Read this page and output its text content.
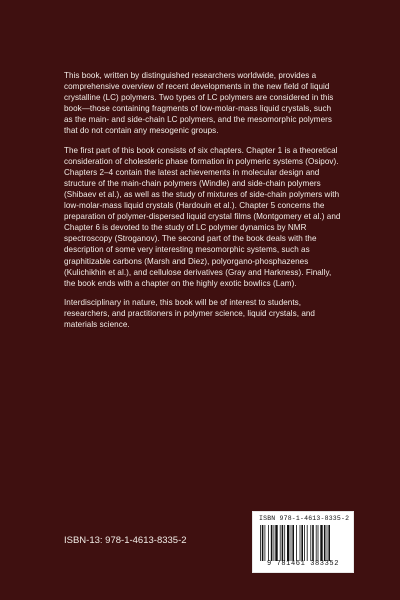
This book, written by distinguished researchers worldwide, provides a comprehensive overview of recent developments in the new field of liquid crystalline (LC) polymers. Two types of LC polymers are considered in this book—those containing fragments of low-molar-mass liquid crystals, such as the main- and side-chain LC polymers, and the mesomorphic polymers that do not contain any mesogenic groups.

The first part of this book consists of six chapters. Chapter 1 is a theoretical consideration of cholesteric phase formation in polymeric systems (Osipov). Chapters 2–4 contain the latest achievements in molecular design and structure of the main-chain polymers (Windle) and side-chain polymers (Shibaev et al.), as well as the study of mixtures of side-chain polymers with low-molar-mass liquid crystals (Hardouin et al.). Chapter 5 concerns the preparation of polymer-dispersed liquid crystal films (Montgomery et al.) and Chapter 6 is devoted to the study of LC polymer dynamics by NMR spectroscopy (Stroganov). The second part of the book deals with the description of some very interesting mesomorphic systems, such as graphitizable carbons (Marsh and Diez), polyorgano-phosphazenes (Kulichikhin et al.), and cellulose derivatives (Gray and Harkness). Finally, the book ends with a chapter on the highly exotic bowlics (Lam).

Interdisciplinary in nature, this book will be of interest to students, researchers, and practitioners in polymer science, liquid crystals, and materials science.

ISBN-13: 978-1-4613-8335-2
ISBN 978-1-4613-8335-2
9 781461 383352
